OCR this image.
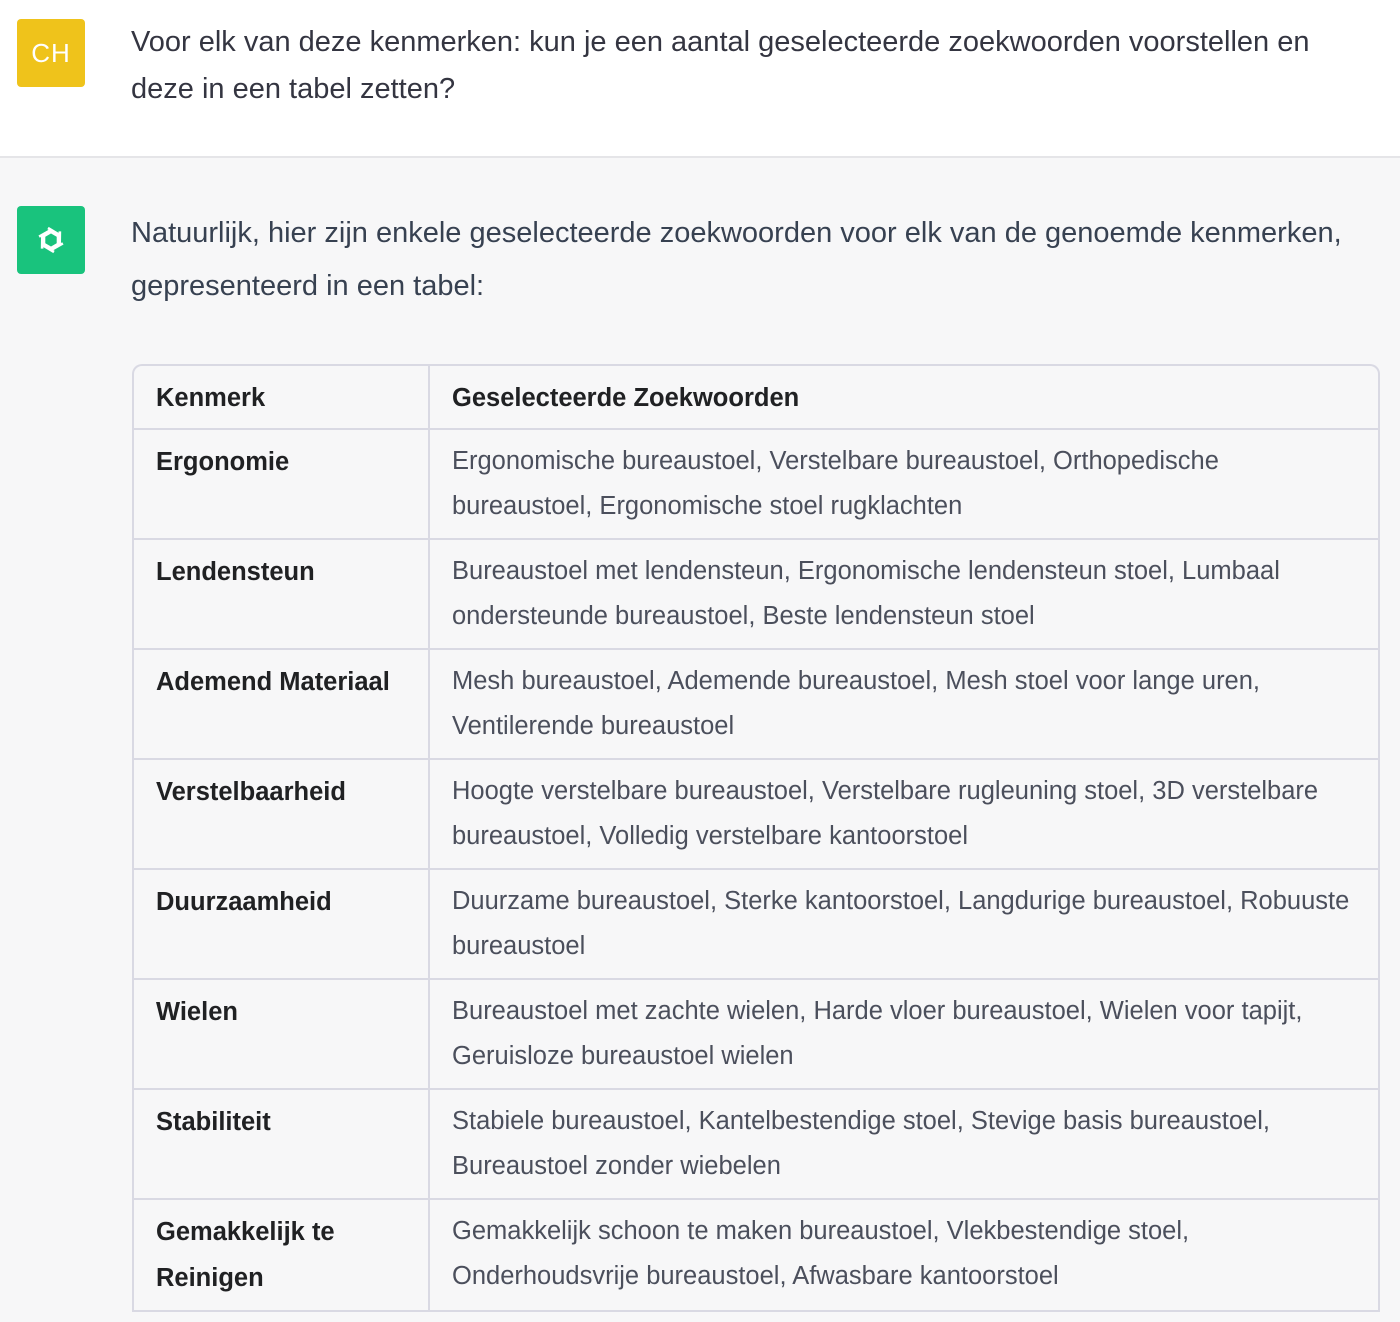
CH Voor elk van deze kenmerken: kun je een aantal geselecteerde zoekwoorden voorstellen en deze in een tabel zetten?
Natuurlijk, hier zijn enkele geselecteerde zoekwoorden voor elk van de genoemde kenmerken, gepresenteerd in een tabel:
Kenmerk	Geselecteerde Zoekwoorden
Ergonomie	Ergonomische bureaustoel, Verstelbare bureaustoel, Orthopedische bureaustoel, Ergonomische stoel rugklachten
Lendensteun	Bureaustoel met lendensteun, Ergonomische lendensteun stoel, Lumbaal ondersteunde bureaustoel, Beste lendensteun stoel
Ademend Materiaal	Mesh bureaustoel, Ademende bureaustoel, Mesh stoel voor lange uren, Ventilerende bureaustoel
Verstelbaarheid	Hoogte verstelbare bureaustoel, Verstelbare rugleuning stoel, 3D verstelbare bureaustoel, Volledig verstelbare kantoorstoel
Duurzaamheid	Duurzame bureaustoel, Sterke kantoorstoel, Langdurige bureaustoel, Robuuste bureaustoel
Wielen	Bureaustoel met zachte wielen, Harde vloer bureaustoel, Wielen voor tapijt, Geruisloze bureaustoel wielen
Stabiliteit	Stabiele bureaustoel, Kantelbestendige stoel, Stevige basis bureaustoel, Bureaustoel zonder wiebelen
Gemakkelijk te Reinigen	Gemakkelijk schoon te maken bureaustoel, Vlekbestendige stoel, Onderhoudsvrije bureaustoel, Afwasbare kantoorstoel
